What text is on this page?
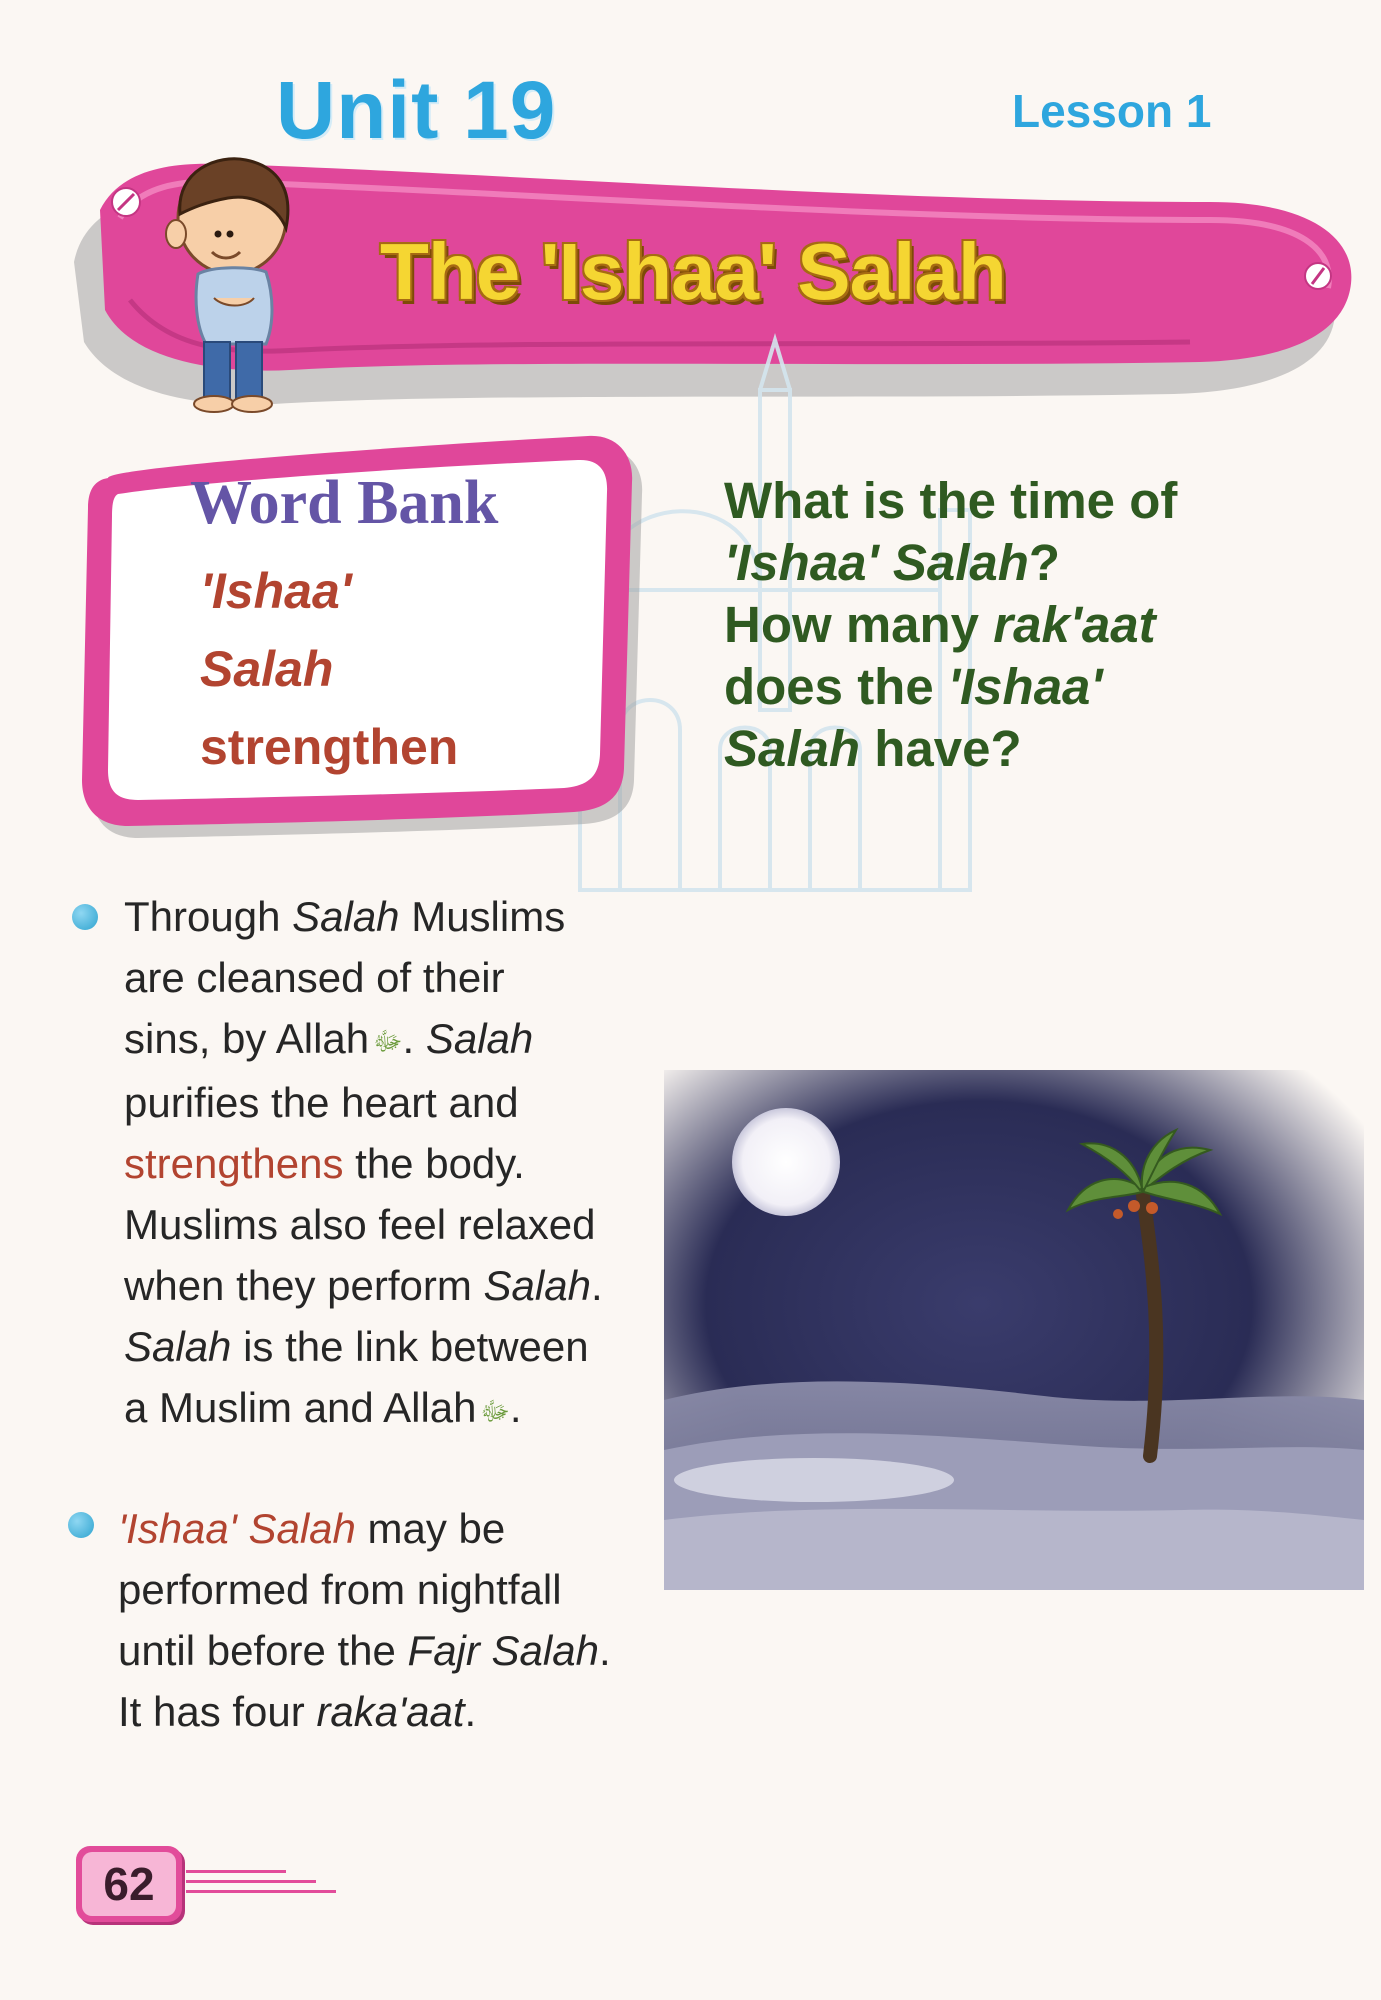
Unit 19	Lesson 1
The 'Ishaa' Salah
Word Bank
'Ishaa'
Salah
strengthen
What is the time of
'Ishaa' Salah?
How many rak'aat
does the 'Ishaa'
Salah have?
Through Salah Muslims
are cleansed of their
sins, by Allah ﷻ. Salah
purifies the heart and
strengthens the body.
Muslims also feel relaxed
when they perform Salah.
Salah is the link between
a Muslim and Allah ﷻ.
'Ishaa' Salah may be
performed from nightfall
until before the Fajr Salah.
It has four raka'aat.
62
